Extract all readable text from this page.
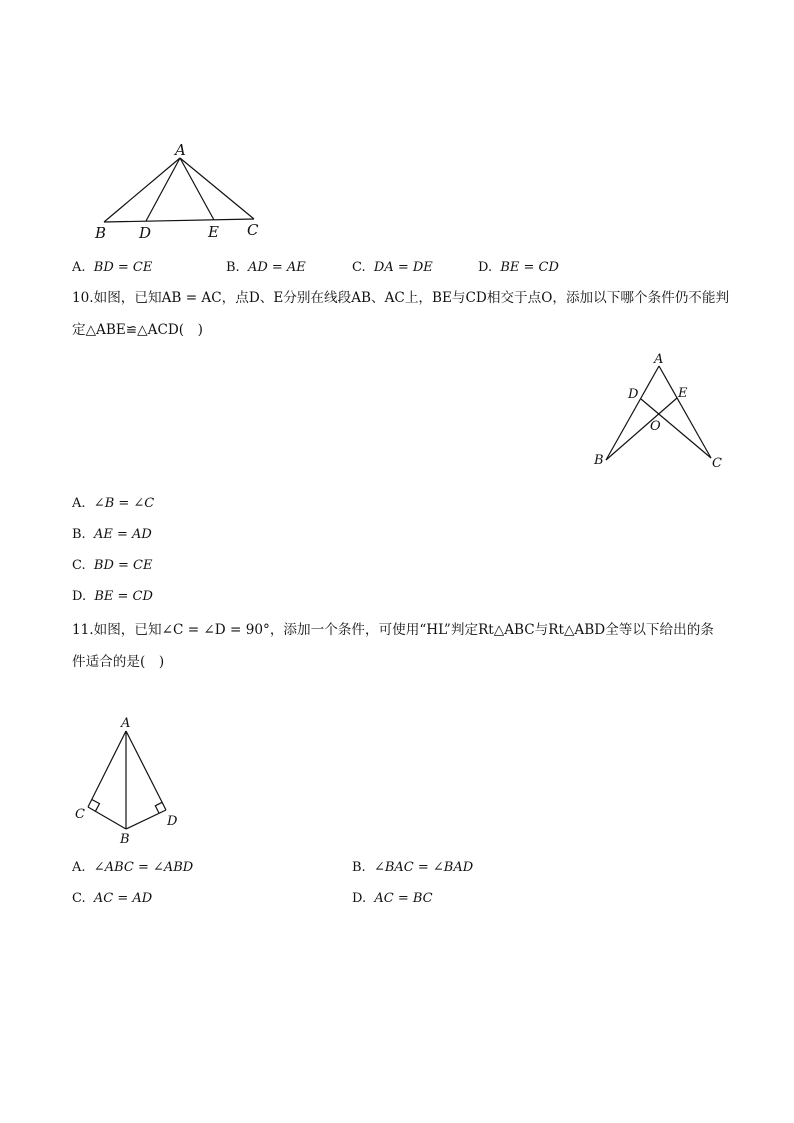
A
B D	E C
A. BD = CE	B. AD = AE	C. DA = DE	D. BE = CD
10.如图，已知AB = AC，点D、E分别在线段AB、AC上，BE与CD相交于点O，添加以下哪个条件仍不能判
定△ABE≌△ACD(　)
A
D	E
O
B	C
A. ∠B = ∠C
B. AE = AD
C. BD = CE
D. BE = CD
11.如图，已知∠C = ∠D = 90°，添加一个条件，可使用“HL”判定Rt△ABC与Rt△ABD全等以下给出的条
件适合的是(　)
A
C	D
B
A. ∠ABC = ∠ABD	B. ∠BAC = ∠BAD
C. AC = AD	D. AC = BC
